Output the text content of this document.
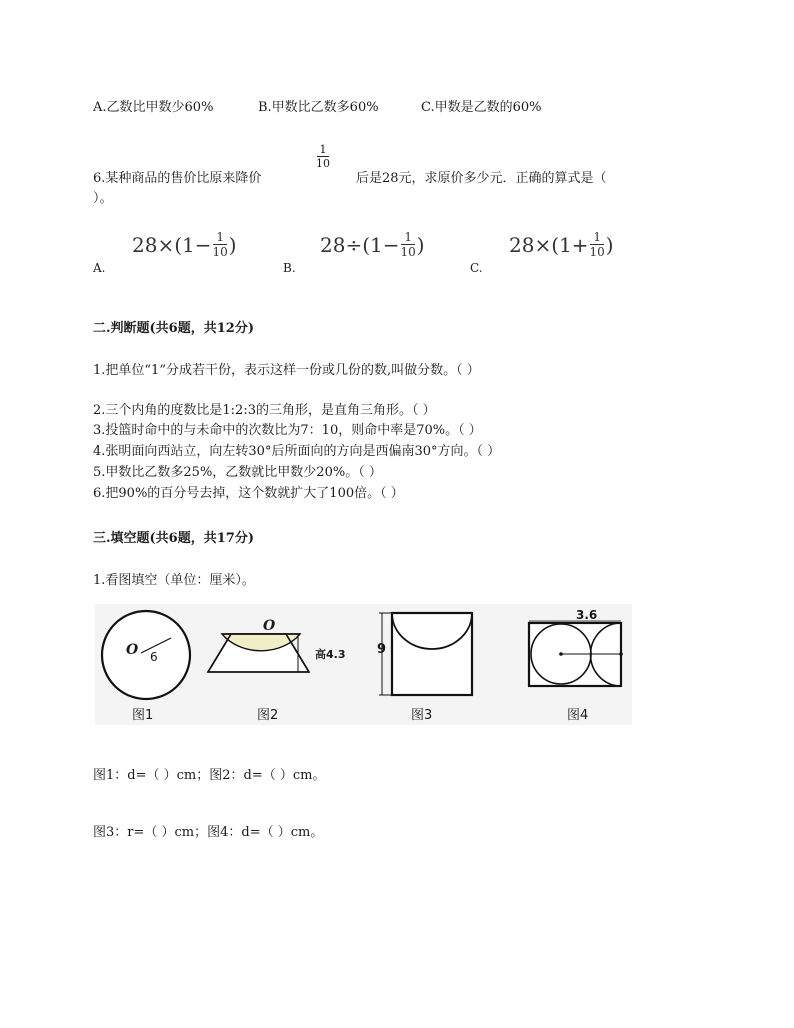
A.乙数比甲数少60%	B.甲数比乙数多60%	C.甲数是乙数的60%
6.某种商品的售价比原来降价
1
10
后是28元，求原价多少元．正确的算式是（
）。
A.
28×(1− 1
10 )
B.
28÷(1− 1
10 )
C.
28×(1+ 1
10 )
二.判断题(共6题，共12分)
1.把单位“1”分成若干份，表示这样一份或几份的数,叫做分数。（ ）
2.三个内角的度数比是1:2:3的三角形，是直角三角形。（ ）
3.投篮时命中的与未命中的次数比为7：10，则命中率是70%。（ ）
4.张明面向西站立，向左转30°后所面向的方向是西偏南30°方向。（ ）
5.甲数比乙数多25%，乙数就比甲数少20%。（ ）
6.把90%的百分号去掉，这个数就扩大了100倍。（ ）
三.填空题(共6题，共17分)
1.看图填空（单位：厘米）。
O 6
O
高4.3 9
3.6
图1	图2	图3	图4
图1：d=（ ）cm；图2：d=（ ）cm。
图3：r=（ ）cm；图4：d=（ ）cm。
